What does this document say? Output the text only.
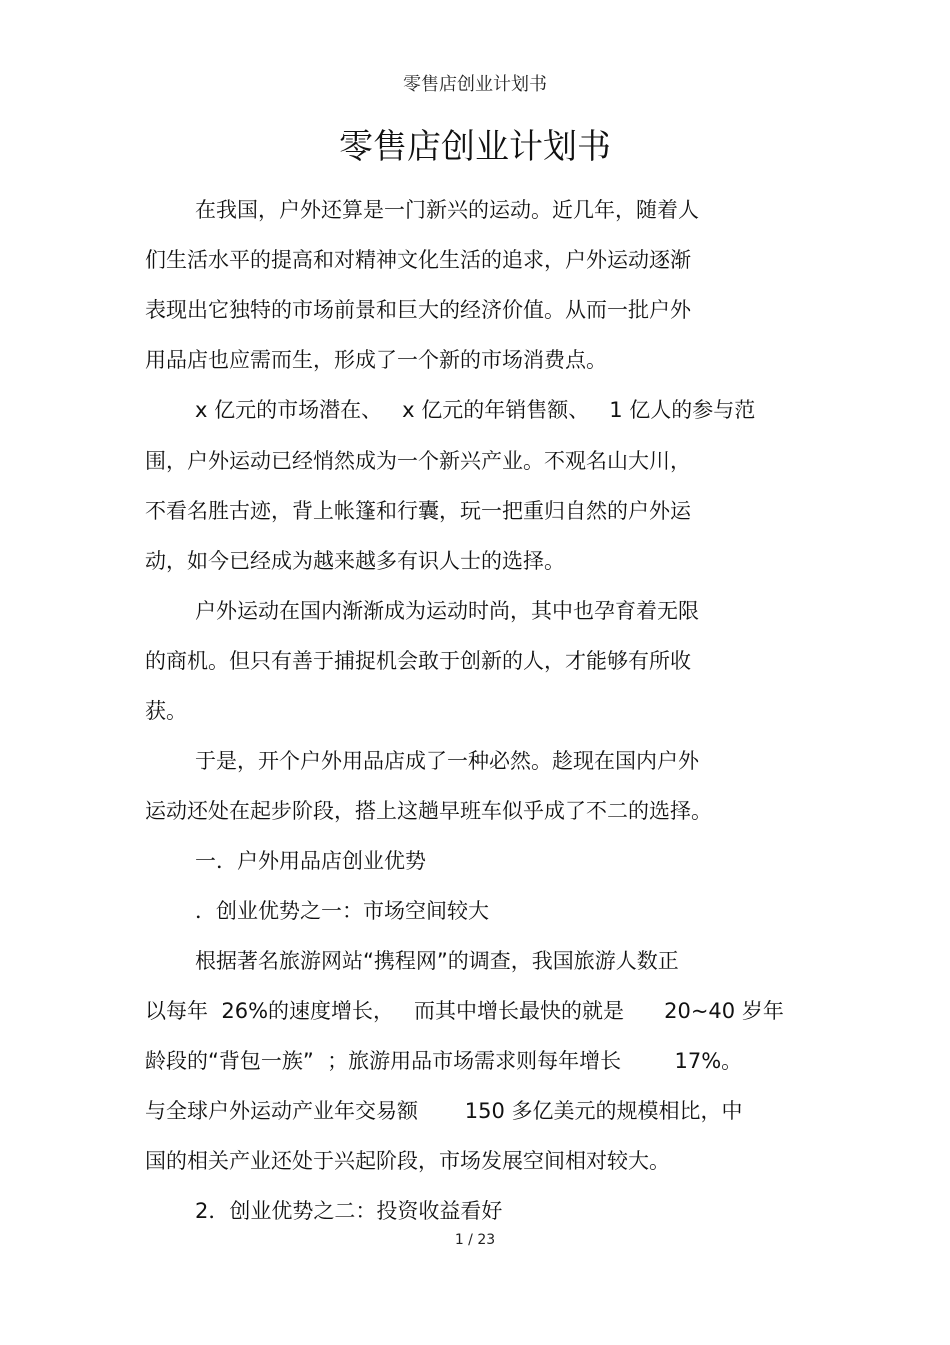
零售店创业计划书
零售店创业计划书
在我国，户外还算是一门新兴的运动。近几年，随着人
们生活水平的提高和对精神文化生活的追求，户外运动逐渐
表现出它独特的市场前景和巨大的经济价值。从而一批户外
用品店也应需而生，形成了一个新的市场消费点。
x 亿元的市场潜在、   x 亿元的年销售额、   1 亿人的参与范
围，户外运动已经悄然成为一个新兴产业。不观名山大川，
不看名胜古迹，背上帐篷和行囊，玩一把重归自然的户外运
动，如今已经成为越来越多有识人士的选择。
户外运动在国内渐渐成为运动时尚，其中也孕育着无限
的商机。但只有善于捕捉机会敢于创新的人，才能够有所收
获。
于是，开个户外用品店成了一种必然。趁现在国内户外
运动还处在起步阶段，搭上这趟早班车似乎成了不二的选择。
一．户外用品店创业优势
．创业优势之一：市场空间较大
根据著名旅游网站“携程网”的调查，我国旅游人数正
以每年  26%的速度增长，   而其中增长最快的就是      20~40 岁年
龄段的“背包一族”  ；旅游用品市场需求则每年增长        17%。
与全球户外运动产业年交易额       150 多亿美元的规模相比，中
国的相关产业还处于兴起阶段，市场发展空间相对较大。
2．创业优势之二：投资收益看好
1 / 23
